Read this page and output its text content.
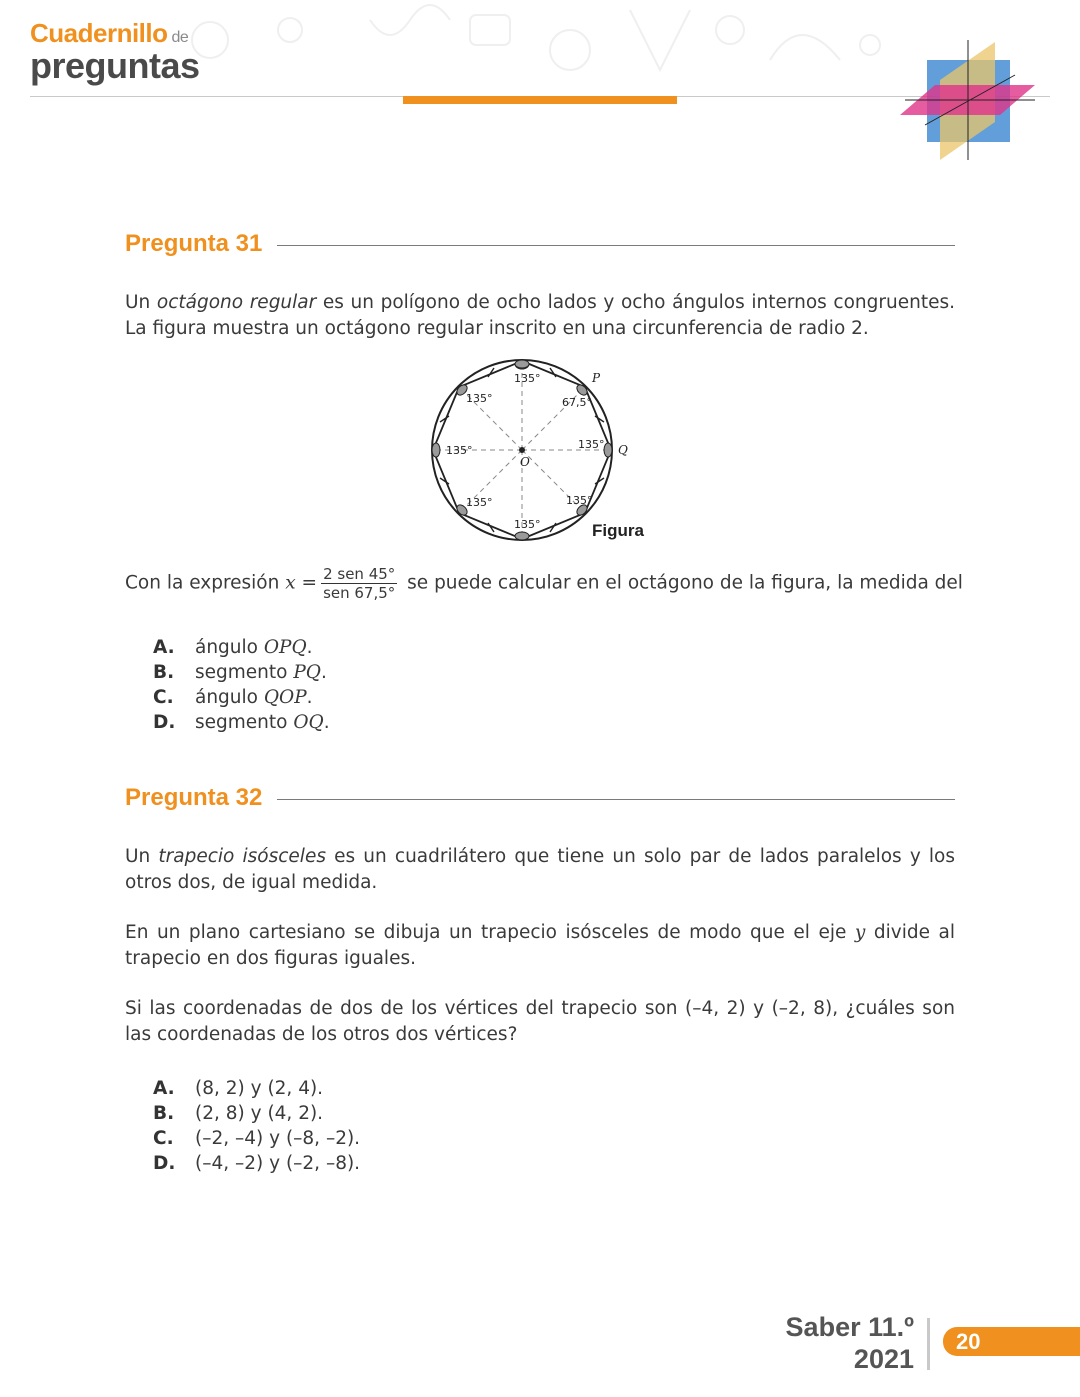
Cuadernillo de
preguntas
Pregunta 31
Un octágono regular es un polígono de ocho lados y ocho ángulos internos congruentes. La figura muestra un octágono regular inscrito en una circunferencia de radio 2.
135°
135°
135°
135°
135°
135°
135°
67,5°
P
Q
O
Figura
Con la expresión $x = \frac{\text{2 sen 45°}}{\text{sen 67,5°}}$ se puede calcular en el octágono de la figura, la medida del
A. ángulo OPQ.
B. segmento PQ.
C. ángulo QOP.
D. segmento OQ.
Pregunta 32
Un trapecio isósceles es un cuadrilátero que tiene un solo par de lados paralelos y los otros dos, de igual medida.
En un plano cartesiano se dibuja un trapecio isósceles de modo que el eje y divide al trapecio en dos figuras iguales.
Si las coordenadas de dos de los vértices del trapecio son (–4, 2) y (–2, 8), ¿cuáles son las coordenadas de los otros dos vértices?
A. (8, 2) y (2, 4).
B. (2, 8) y (4, 2).
C. (–2, –4) y (–8, –2).
D. (–4, –2) y (–2, –8).
Saber 11.º
2021
20
